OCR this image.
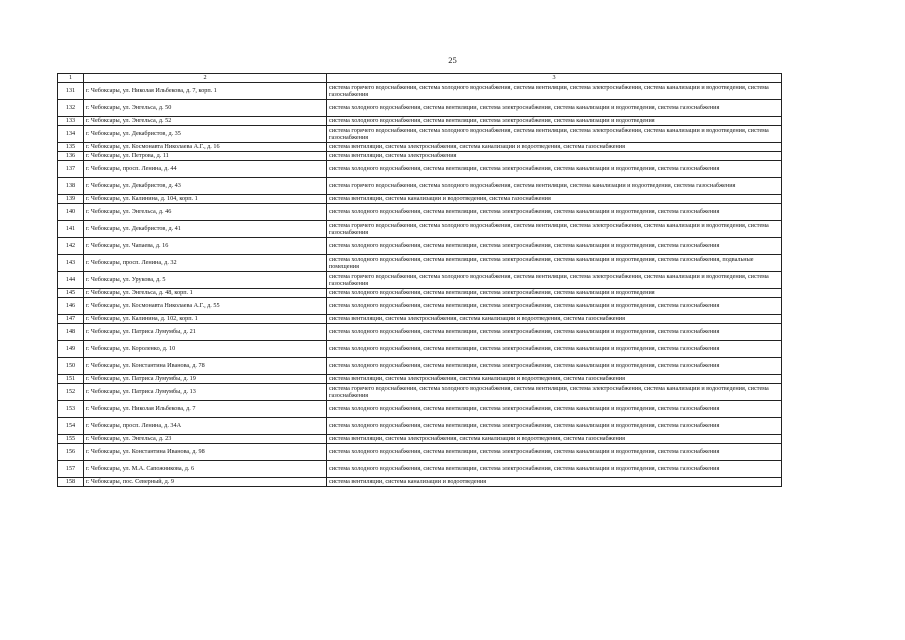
25
1	2	3
131	г. Чебоксары, ул. Николая Ильбекова, д. 7, корп. 1	система горячего водоснабжения, система холодного водоснабжения, система вентиляции, система электроснабжения, система канализации и водоотведения, система газоснабжения
132	г. Чебоксары, ул. Энгельса, д. 50	система холодного водоснабжения, система вентиляции, система электроснабжения, система канализации и водоотведения, система газоснабжения
133	г. Чебоксары, ул. Энгельса, д. 52	система холодного водоснабжения, система вентиляции, система электроснабжения, система канализации и водоотведения
134	г. Чебоксары, ул. Декабристов, д. 35	система горячего водоснабжения, система холодного водоснабжения, система вентиляции, система электроснабжения, система канализации и водоотведения, система газоснабжения
135	г. Чебоксары, ул. Космонавта Николаева А.Г., д. 16	система вентиляции, система электроснабжения, система канализации и водоотведения, система газоснабжения
136	г. Чебоксары, ул. Петрова, д. 11	система вентиляции, система электроснабжения
137	г. Чебоксары, просп. Ленина, д. 44	система холодного водоснабжения, система вентиляции, система электроснабжения, система канализации и водоотведения, система газоснабжения
138	г. Чебоксары, ул. Декабристов, д. 43	система горячего водоснабжения, система холодного водоснабжения, система вентиляции, система канализации и водоотведения, система газоснабжения
139	г. Чебоксары, ул. Калинина, д. 104, корп. 1	система вентиляции, система канализации и водоотведения, система газоснабжения
140	г. Чебоксары, ул. Энгельса, д. 46	система холодного водоснабжения, система вентиляции, система электроснабжения, система канализации и водоотведения, система газоснабжения
141	г. Чебоксары, ул. Декабристов, д. 41	система горячего водоснабжения, система холодного водоснабжения, система вентиляции, система электроснабжения, система канализации и водоотведения, система газоснабжения
142	г. Чебоксары, ул. Чапаева, д. 16	система холодного водоснабжения, система вентиляции, система электроснабжения, система канализации и водоотведения, система газоснабжения
143	г. Чебоксары, просп. Ленина, д. 32	система холодного водоснабжения, система вентиляции, система электроснабжения, система канализации и водоотведения, система газоснабжения, подвальные помещения
144	г. Чебоксары, ул. Урукова, д. 5	система горячего водоснабжения, система холодного водоснабжения, система вентиляции, система электроснабжения, система канализации и водоотведения, система газоснабжения
145	г. Чебоксары, ул. Энгельса, д. 48, корп. 1	система холодного водоснабжения, система вентиляции, система электроснабжения, система канализации и водоотведения
146	г. Чебоксары, ул. Космонавта Николаева А.Г., д. 55	система холодного водоснабжения, система вентиляции, система электроснабжения, система канализации и водоотведения, система газоснабжения
147	г. Чебоксары, ул. Калинина, д. 102, корп. 1	система вентиляции, система электроснабжения, система канализации и водоотведения, система газоснабжения
148	г. Чебоксары, ул. Патриса Лумумбы, д. 21	система холодного водоснабжения, система вентиляции, система электроснабжения, система канализации и водоотведения, система газоснабжения
149	г. Чебоксары, ул. Короленко, д. 10	система холодного водоснабжения, система вентиляции, система электроснабжения, система канализации и водоотведения, система газоснабжения
150	г. Чебоксары, ул. Константина Иванова, д. 78	система холодного водоснабжения, система вентиляции, система электроснабжения, система канализации и водоотведения, система газоснабжения
151	г. Чебоксары, ул. Патриса Лумумбы, д. 19	система вентиляции, система электроснабжения, система канализации и водоотведения, система газоснабжения
152	г. Чебоксары, ул. Патриса Лумумбы, д. 13	система горячего водоснабжения, система холодного водоснабжения, система вентиляции, система электроснабжения, система канализации и водоотведения, система газоснабжения
153	г. Чебоксары, ул. Николая Ильбекова, д. 7	система холодного водоснабжения, система вентиляции, система электроснабжения, система канализации и водоотведения, система газоснабжения
154	г. Чебоксары, просп. Ленина, д. 34А	система холодного водоснабжения, система вентиляции, система электроснабжения, система канализации и водоотведения, система газоснабжения
155	г. Чебоксары, ул. Энгельса, д. 23	система вентиляции, система электроснабжения, система канализации и водоотведения, система газоснабжения
156	г. Чебоксары, ул. Константина Иванова, д. 98	система холодного водоснабжения, система вентиляции, система электроснабжения, система канализации и водоотведения, система газоснабжения
157	г. Чебоксары, ул. М.А. Сапожникова, д. 6	система холодного водоснабжения, система вентиляции, система электроснабжения, система канализации и водоотведения, система газоснабжения
158	г. Чебоксары, пос. Северный, д. 9	система вентиляции, система канализации и водоотведения
